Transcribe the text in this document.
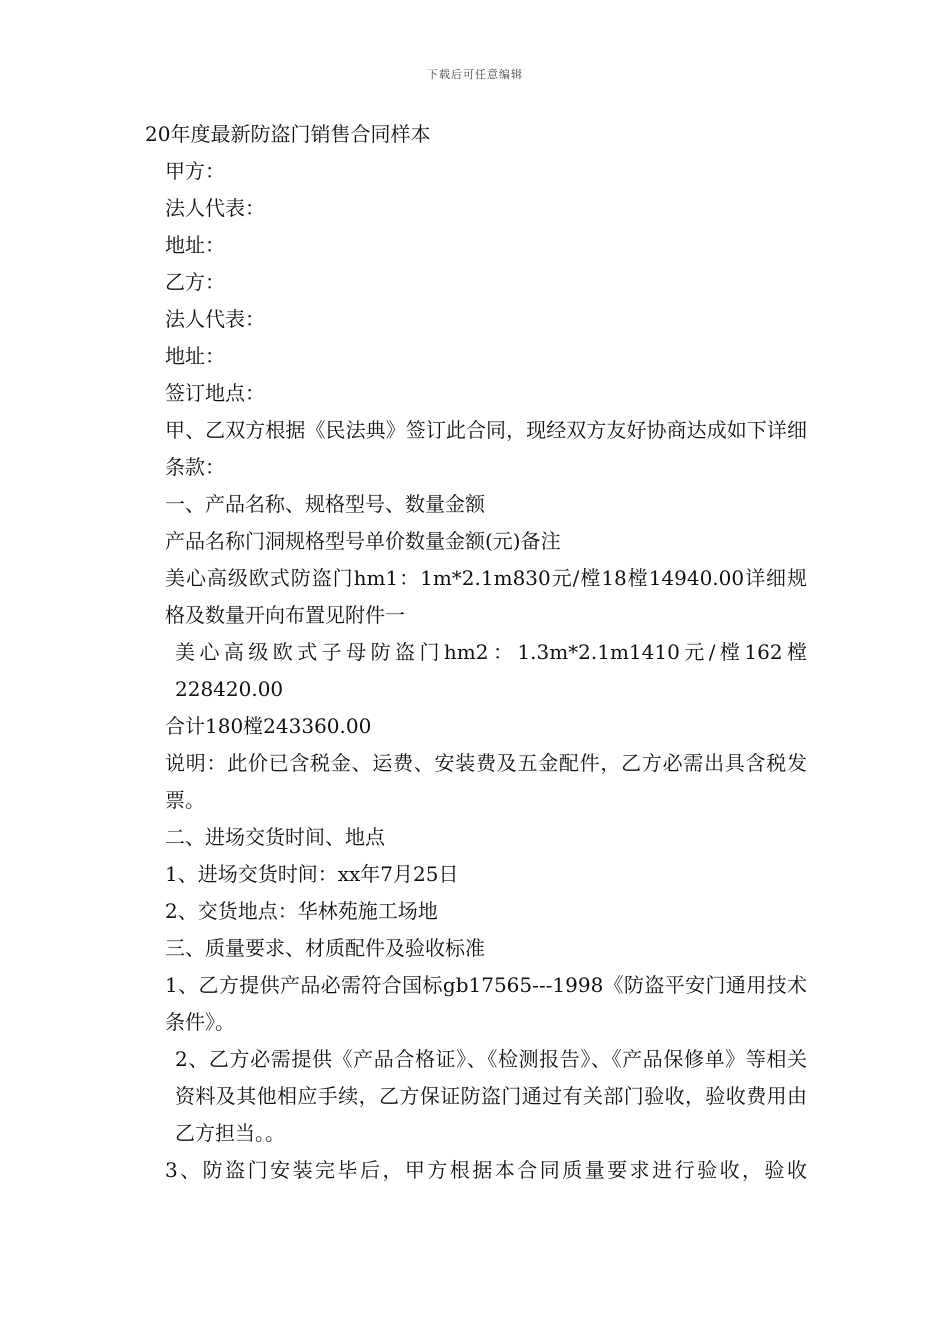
下载后可任意编辑

20年度最新防盗门销售合同样本

甲方：

法人代表：

地址：

乙方：

法人代表：

地址：

签订地点：

甲、乙双方根据《民法典》签订此合同，现经双方友好协商达成如下详细条款：

一、产品名称、规格型号、数量金额

产品名称门洞规格型号单价数量金额(元)备注

美心高级欧式防盗门hm1：1m*2.1m830元/樘18樘14940.00详细规格及数量开向布置见附件一

美心高级欧式子母防盗门hm2：1.3m*2.1m1410元/樘162樘228420.00

合计180樘243360.00

说明：此价已含税金、运费、安装费及五金配件，乙方必需出具含税发票。

二、进场交货时间、地点

1、进场交货时间：xx年7月25日

2、交货地点：华林苑施工场地

三、质量要求、材质配件及验收标准

1、乙方提供产品必需符合国标gb17565---1998《防盗平安门通用技术条件》。

2、乙方必需提供《产品合格证》、《检测报告》、《产品保修单》等相关资料及其他相应手续，乙方保证防盗门通过有关部门验收，验收费用由乙方担当。。

3、防盗门安装完毕后，甲方根据本合同质量要求进行验收，验收
